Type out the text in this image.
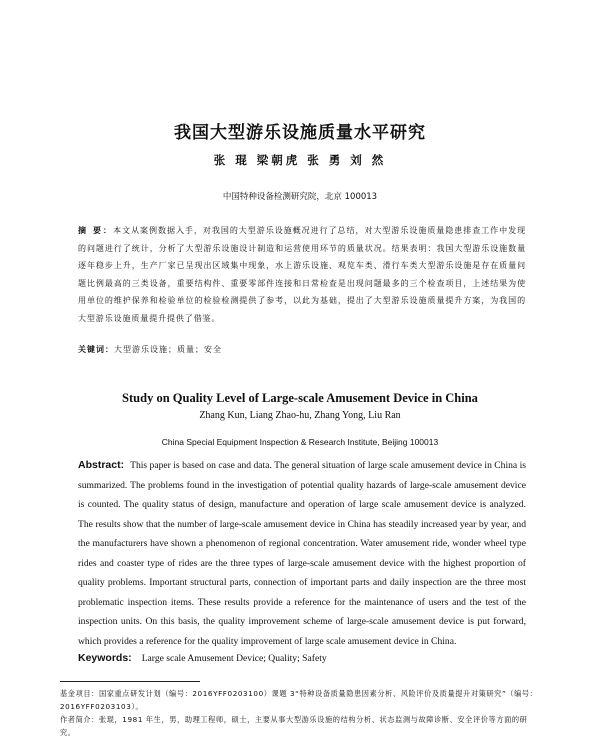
我国大型游乐设施质量水平研究
张 琨 梁朝虎 张 勇 刘 然
中国特种设备检测研究院，北京 100013

摘 要：本文从案例数据入手，对我国的大型游乐设施概况进行了总结，对大型游乐设施质量隐患排查工作中发现的问题进行了统计，分析了大型游乐设施设计制造和运营使用环节的质量状况。结果表明：我国大型游乐设施数量逐年稳步上升，生产厂家已呈现出区域集中现象，水上游乐设施、观览车类、滑行车类大型游乐设施是存在质量问题比例最高的三类设备，重要结构件、重要零部件连接和日常检查是出现问题最多的三个检查项目，上述结果为使用单位的维护保养和检验单位的检验检测提供了参考，以此为基础，提出了大型游乐设施质量提升方案，为我国的大型游乐设施质量提升提供了借鉴。

关键词：大型游乐设施；质量；安全
Study on Quality Level of Large-scale Amusement Device in China
Zhang Kun, Liang Zhao-hu, Zhang Yong, Liu Ran
China Special Equipment Inspection & Research Institute, Beijing 100013

Abstract: This paper is based on case and data. The general situation of large scale amusement device in China is summarized. The problems found in the investigation of potential quality hazards of large-scale amusement device is counted. The quality status of design, manufacture and operation of large scale amusement device is analyzed. The results show that the number of large-scale amusement device in China has steadily increased year by year, and the manufacturers have shown a phenomenon of regional concentration. Water amusement ride, wonder wheel type rides and coaster type of rides are the three types of large-scale amusement device with the highest proportion of quality problems. Important structural parts, connection of important parts and daily inspection are the three most problematic inspection items. These results provide a reference for the maintenance of users and the test of the inspection units. On this basis, the quality improvement scheme of large-scale amusement device is put forward, which provides a reference for the quality improvement of large scale amusement device in China.

Keywords: Large scale Amusement Device; Quality; Safety

基金项目：国家重点研发计划（编号：2016YFF0203100）课题 3“特种设备质量隐患因素分析、风险评价及质量提升对策研究”（编号：2016YFF0203103）。

作者简介：张琨，1981 年生，男，助理工程师，硕士，主要从事大型游乐设施的结构分析、状态监测与故障诊断、安全评价等方面的研究。
